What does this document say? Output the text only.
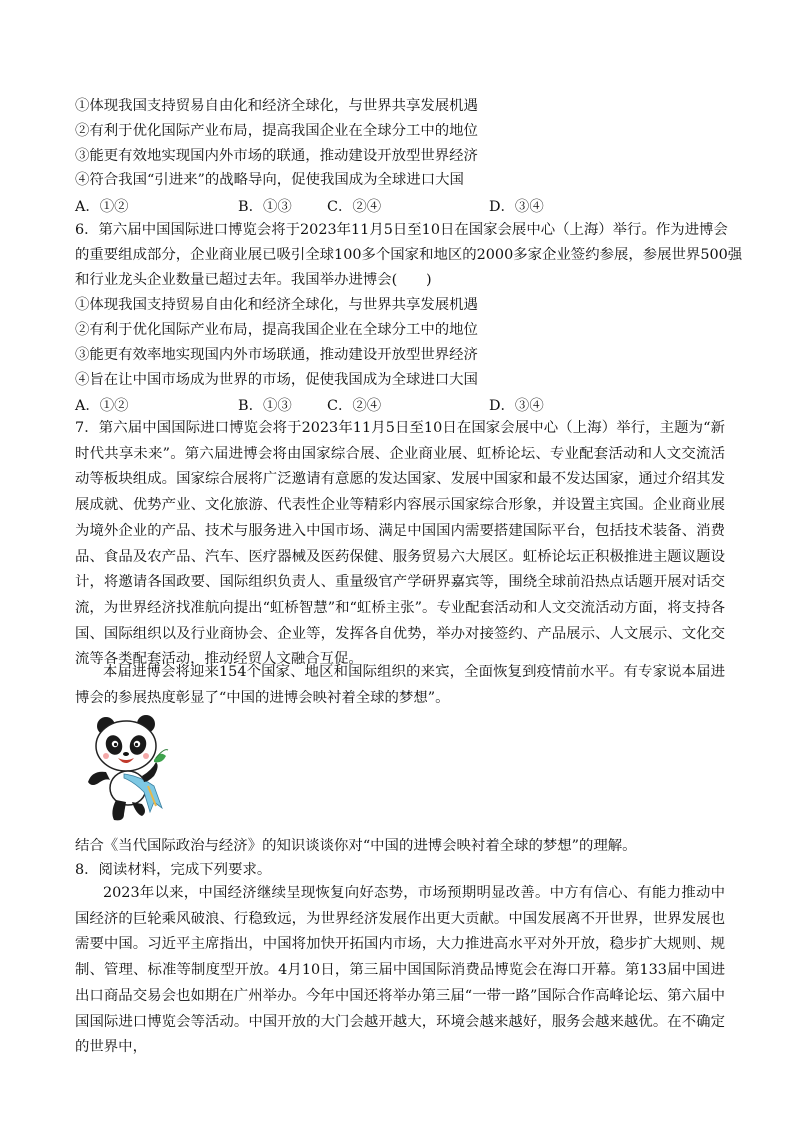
①体现我国支持贸易自由化和经济全球化，与世界共享发展机遇
②有利于优化国际产业布局，提高我国企业在全球分工中的地位
③能更有效地实现国内外市场的联通，推动建设开放型世界经济
④符合我国“引进来”的战略导向，促使我国成为全球进口大国
A．①②	B．①③ C．②④	D．③④
6．第六届中国国际进口博览会将于2023年11月5日至10日在国家会展中心（上海）举行。作为进博会
的重要组成部分，企业商业展已吸引全球100多个国家和地区的2000多家企业签约参展，参展世界500强
和行业龙头企业数量已超过去年。我国举办进博会(　　)
①体现我国支持贸易自由化和经济全球化，与世界共享发展机遇
②有利于优化国际产业布局，提高我国企业在全球分工中的地位
③能更有效率地实现国内外市场联通，推动建设开放型世界经济
④旨在让中国市场成为世界的市场，促使我国成为全球进口大国
A．①②	B．①③ C．②④	D．③④
7．第六届中国国际进口博览会将于2023年11月5日至10日在国家会展中心（上海）举行，主题为“新时代共享未来”。第六届进博会将由国家综合展、企业商业展、虹桥论坛、专业配套活动和人文交流活动等板块组成。国家综合展将广泛邀请有意愿的发达国家、发展中国家和最不发达国家，通过介绍其发展成就、优势产业、文化旅游、代表性企业等精彩内容展示国家综合形象，并设置主宾国。企业商业展为境外企业的产品、技术与服务进入中国市场、满足中国国内需要搭建国际平台，包括技术装备、消费品、食品及农产品、汽车、医疗器械及医药保健、服务贸易六大展区。虹桥论坛正积极推进主题议题设计，将邀请各国政要、国际组织负责人、重量级官产学研界嘉宾等，围绕全球前沿热点话题开展对话交流，为世界经济找准航向提出“虹桥智慧”和“虹桥主张”。专业配套活动和人文交流活动方面，将支持各国、国际组织以及行业商协会、企业等，发挥各自优势，举办对接签约、产品展示、人文展示、文化交流等各类配套活动，推动经贸人文融合互促。
本届进博会将迎来154个国家、地区和国际组织的来宾，全面恢复到疫情前水平。有专家说本届进博会的参展热度彰显了“中国的进博会映衬着全球的梦想”。
结合《当代国际政治与经济》的知识谈谈你对“中国的进博会映衬着全球的梦想”的理解。
8．阅读材料，完成下列要求。
2023年以来，中国经济继续呈现恢复向好态势，市场预期明显改善。中方有信心、有能力推动中国经济的巨轮乘风破浪、行稳致远，为世界经济发展作出更大贡献。中国发展离不开世界，世界发展也需要中国。习近平主席指出，中国将加快开拓国内市场，大力推进高水平对外开放，稳步扩大规则、规制、管理、标准等制度型开放。4月10日，第三届中国国际消费品博览会在海口开幕。第133届中国进出口商品交易会也如期在广州举办。今年中国还将举办第三届“一带一路”国际合作高峰论坛、第六届中国国际进口博览会等活动。中国开放的大门会越开越大，环境会越来越好，服务会越来越优。在不确定的世界中，
